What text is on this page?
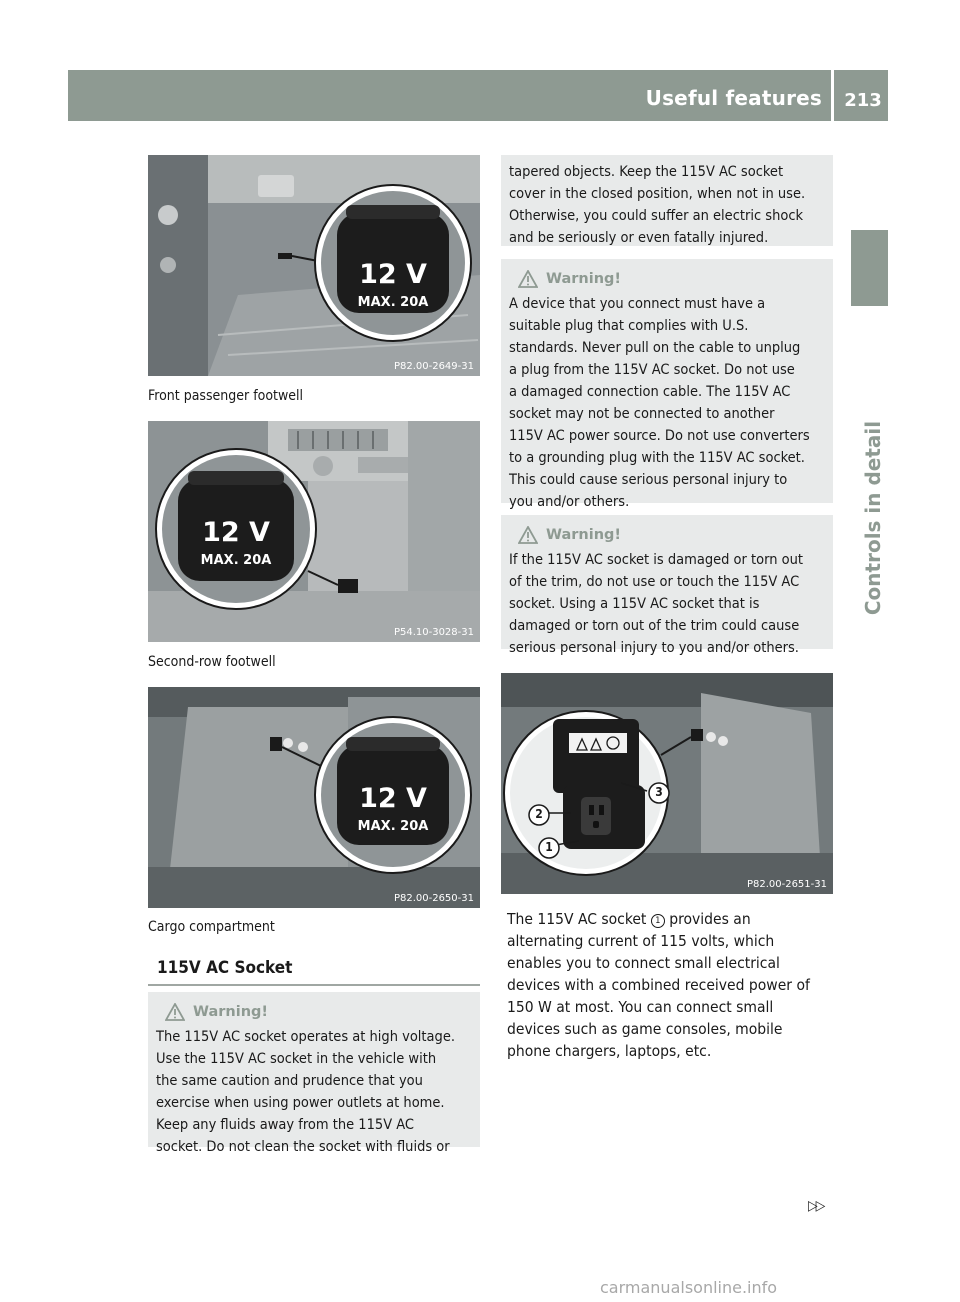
Useful features	213
Controls in detail
12 V
MAX. 20A
P82.00-2649-31
Front passenger footwell
12 V
MAX. 20A
P54.10-3028-31
Second-row footwell
12 V
MAX. 20A
P82.00-2650-31
Cargo compartment
115V AC Socket
Warning!
The 115V AC socket operates at high voltage.
Use the 115V AC socket in the vehicle with
the same caution and prudence that you
exercise when using power outlets at home.
Keep any fluids away from the 115V AC
socket. Do not clean the socket with fluids or
tapered objects. Keep the 115V AC socket
cover in the closed position, when not in use.
Otherwise, you could suffer an electric shock
and be seriously or even fatally injured.
Warning!
A device that you connect must have a
suitable plug that complies with U.S.
standards. Never pull on the cable to unplug
a plug from the 115V AC socket. Do not use
a damaged connection cable. The 115V AC
socket may not be connected to another
115V AC power source. Do not use converters
to a grounding plug with the 115V AC socket.
This could cause serious personal injury to
you and/or others.
Warning!
If the 115V AC socket is damaged or torn out
of the trim, do not use or touch the 115V AC
socket. Using a 115V AC socket that is
damaged or torn out of the trim could cause
serious personal injury to you and/or others.
1
2
3
P82.00-2651-31
The 115V AC socket 1 provides an
alternating current of 115 volts, which
enables you to connect small electrical
devices with a combined received power of
150 W at most. You can connect small
devices such as game consoles, mobile
phone chargers, laptops, etc.
▷▷
carmanualsonline.info
